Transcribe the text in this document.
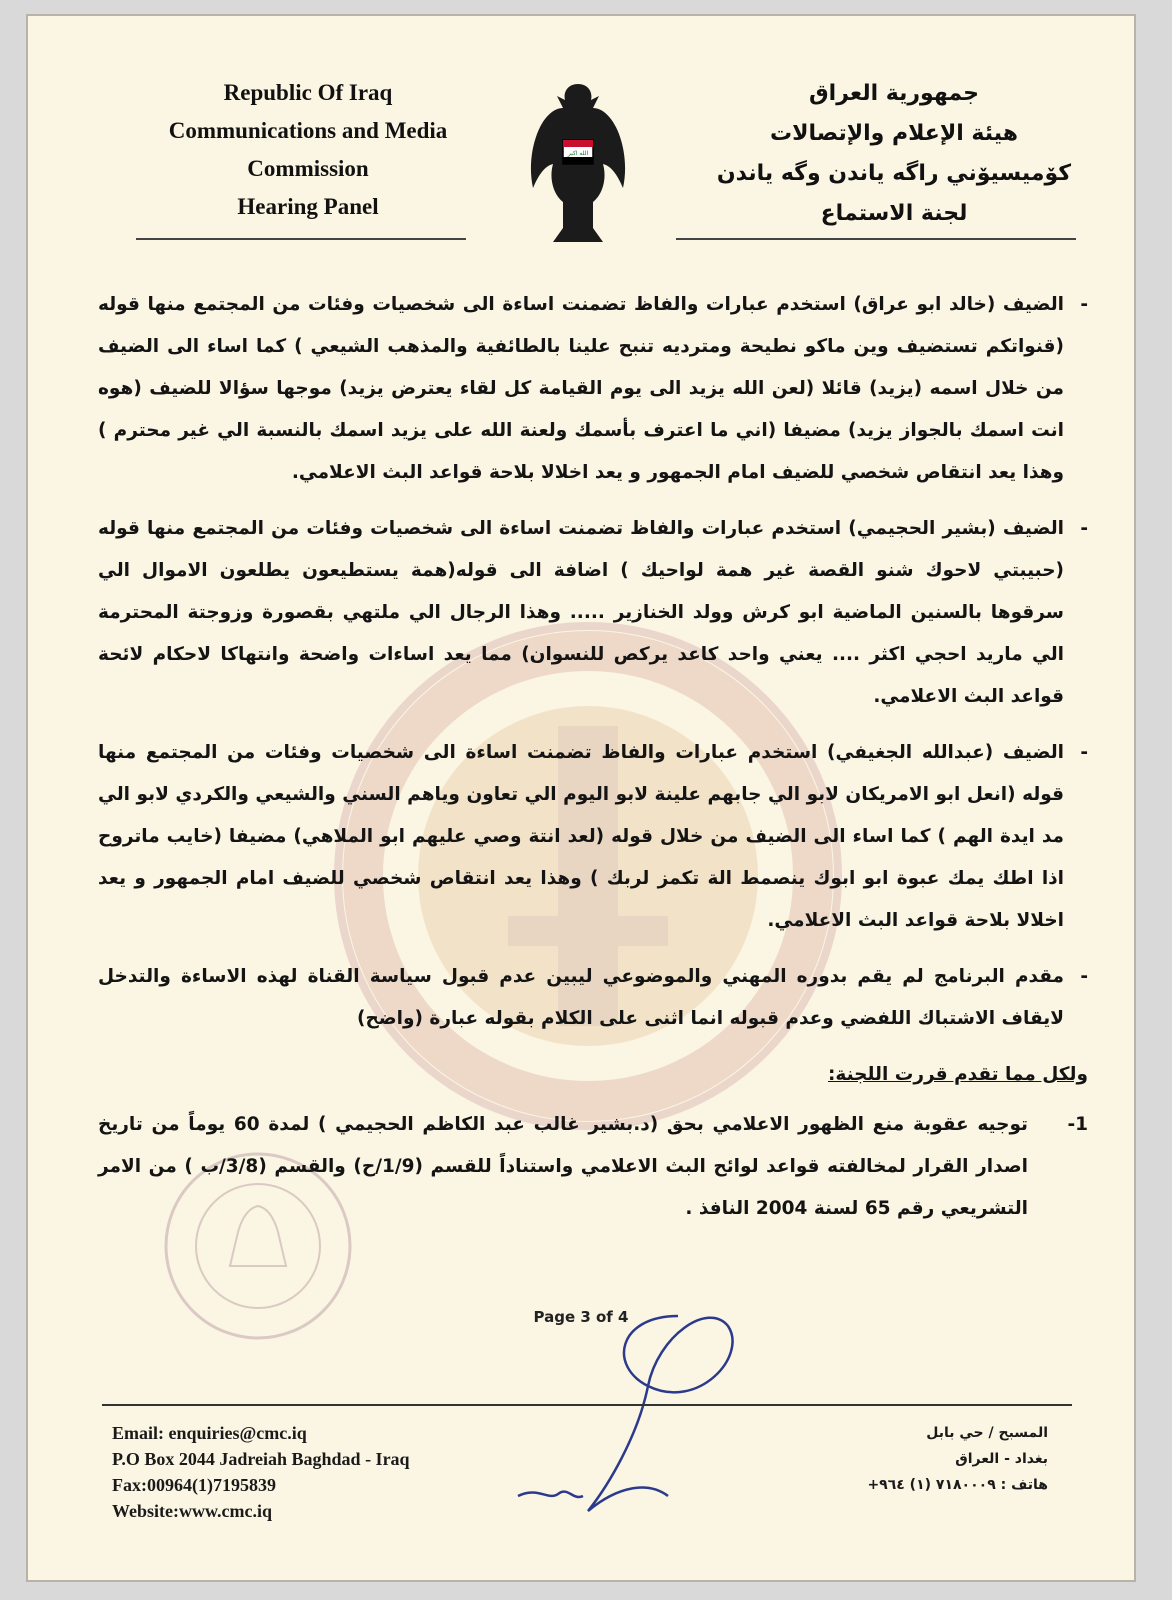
Republic Of Iraq
Communications and Media
Commission
Hearing Panel
الله اكبر
جمهورية العراق
هيئة الإعلام والإتصالات
كۆميسيۆني راگه ياندن وگه ياندن
لجنة الاستماع

- الضيف (خالد ابو عراق) استخدم عبارات والفاظ تضمنت اساءة الى شخصيات وفئات من المجتمع منها قوله (قنواتكم تستضيف وين ماكو نطيحة ومترديه تنبح علينا بالطائفية والمذهب الشيعي ) كما اساء الى الضيف من خلال اسمه (يزيد) قائلا (لعن الله يزيد الى يوم القيامة كل لقاء يعترض يزيد) موجها سؤالا للضيف (هوه انت اسمك بالجواز يزيد) مضيفا (اني ما اعترف بأسمك ولعنة الله على يزيد اسمك بالنسبة الي غير محترم ) وهذا يعد انتقاص شخصي للضيف امام الجمهور و يعد اخلالا بلاحة قواعد البث الاعلامي.

- الضيف (بشير الحجيمي) استخدم عبارات والفاظ تضمنت اساءة الى شخصيات وفئات من المجتمع منها قوله (حبيبتي لاحوك شنو القصة غير همة لواحيك ) اضافة الى قوله(همة يستطيعون يطلعون الاموال الي سرقوها بالسنين الماضية ابو كرش وولد الخنازير ..... وهذا الرجال الي ملتهي بقصورة وزوجتة المحترمة الي ماريد احجي اكثر .... يعني واحد كاعد يركص للنسوان) مما يعد اساءات واضحة وانتهاكا لاحكام لائحة قواعد البث الاعلامي.

- الضيف (عبدالله الجغيفي) استخدم عبارات والفاظ تضمنت اساءة الى شخصيات وفئات من المجتمع منها قوله (انعل ابو الامريكان لابو الي جابهم علينة لابو اليوم الي تعاون وياهم السني والشيعي والكردي لابو الي مد ايدة الهم ) كما اساء الى الضيف من خلال قوله (لعد انتة وصي عليهم ابو الملاهي) مضيفا (خايب ماتروح اذا اطك يمك عبوة ابو ابوك ينصمط الة تكمز لربك ) وهذا يعد انتقاص شخصي للضيف امام الجمهور و يعد اخلالا بلاحة قواعد البث الاعلامي.

- مقدم البرنامج لم يقم بدوره المهني والموضوعي ليبين عدم قبول سياسة القناة لهذه الاساءة والتدخل لايقاف الاشتباك اللفضي وعدم قبوله انما اثنى على الكلام بقوله عبارة (واضح)

ولكل مما تقدم قررت اللجنة:

1-
توجيه عقوبة منع الظهور الاعلامي بحق (د.بشير غالب عبد الكاظم الحجيمي ) لمدة 60 يوماً من تاريخ اصدار القرار لمخالفته قواعد لوائح البث الاعلامي واستناداً للقسم (1/9/ح) والقسم (3/8/ب ) من الامر التشريعي رقم 65 لسنة 2004 النافذ .
Page 3 of 4
Email: enquiries@cmc.iq
P.O Box 2044 Jadreiah Baghdad - Iraq
Fax:00964(1)7195839
Website:www.cmc.iq
المسبح / حي بابل
بغداد - العراق
هاتف : ٧١٨٠٠٠٩ (١) ٩٦٤+
